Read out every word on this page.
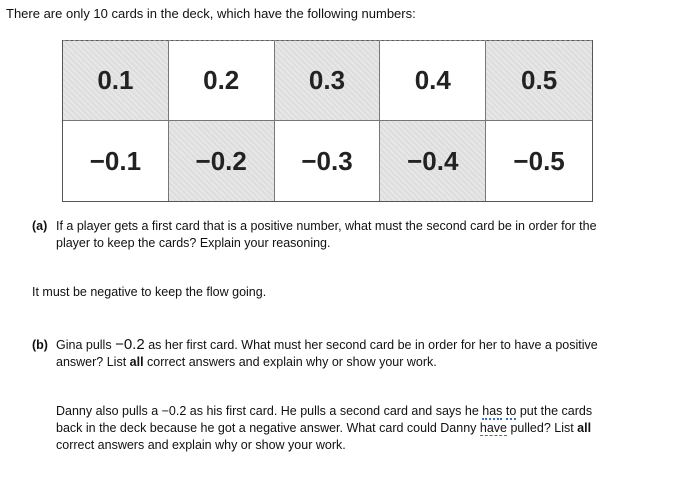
There are only 10 cards in the deck, which have the following numbers:
0.1	0.2	0.3	0.4	0.5
−0.1	−0.2	−0.3	−0.4	−0.5
(a) If a player gets a first card that is a positive number, what must the second card be in order for the
player to keep the cards? Explain your reasoning.
It must be negative to keep the flow going.
(b) Gina pulls −0.2 as her first card. What must her second card be in order for her to have a positive
answer? List all correct answers and explain why or show your work.
Danny also pulls a −0.2 as his first card. He pulls a second card and says he has to put the cards
back in the deck because he got a negative answer. What card could Danny have pulled? List all
correct answers and explain why or show your work.
